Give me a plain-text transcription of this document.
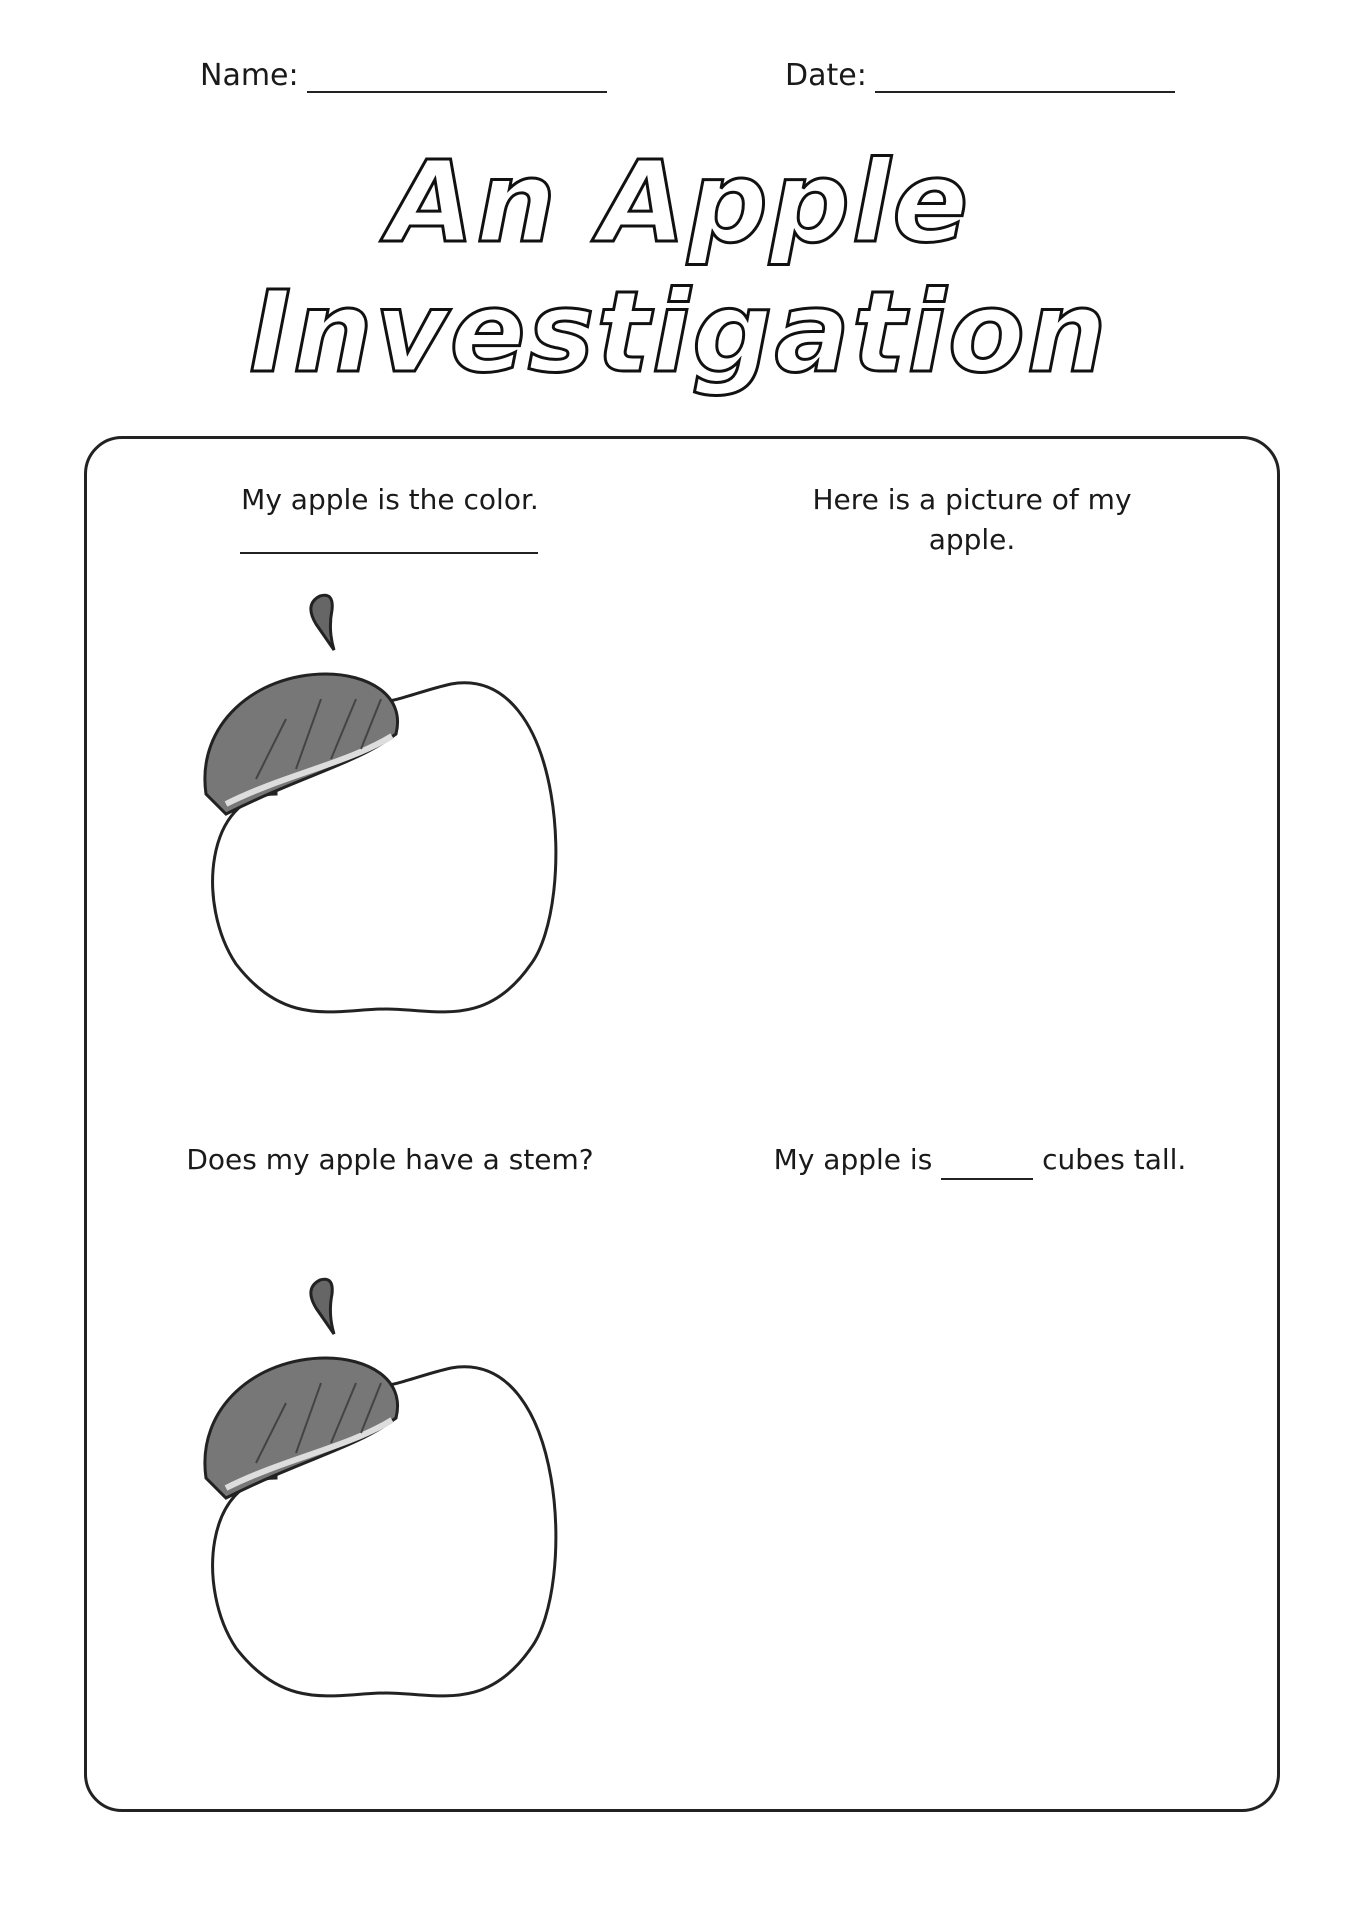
Name:	Date:
An Apple
Investigation
My apple is the color.	Here is a picture of my apple.
Does my apple have a stem?	My apple is	cubes tall.
